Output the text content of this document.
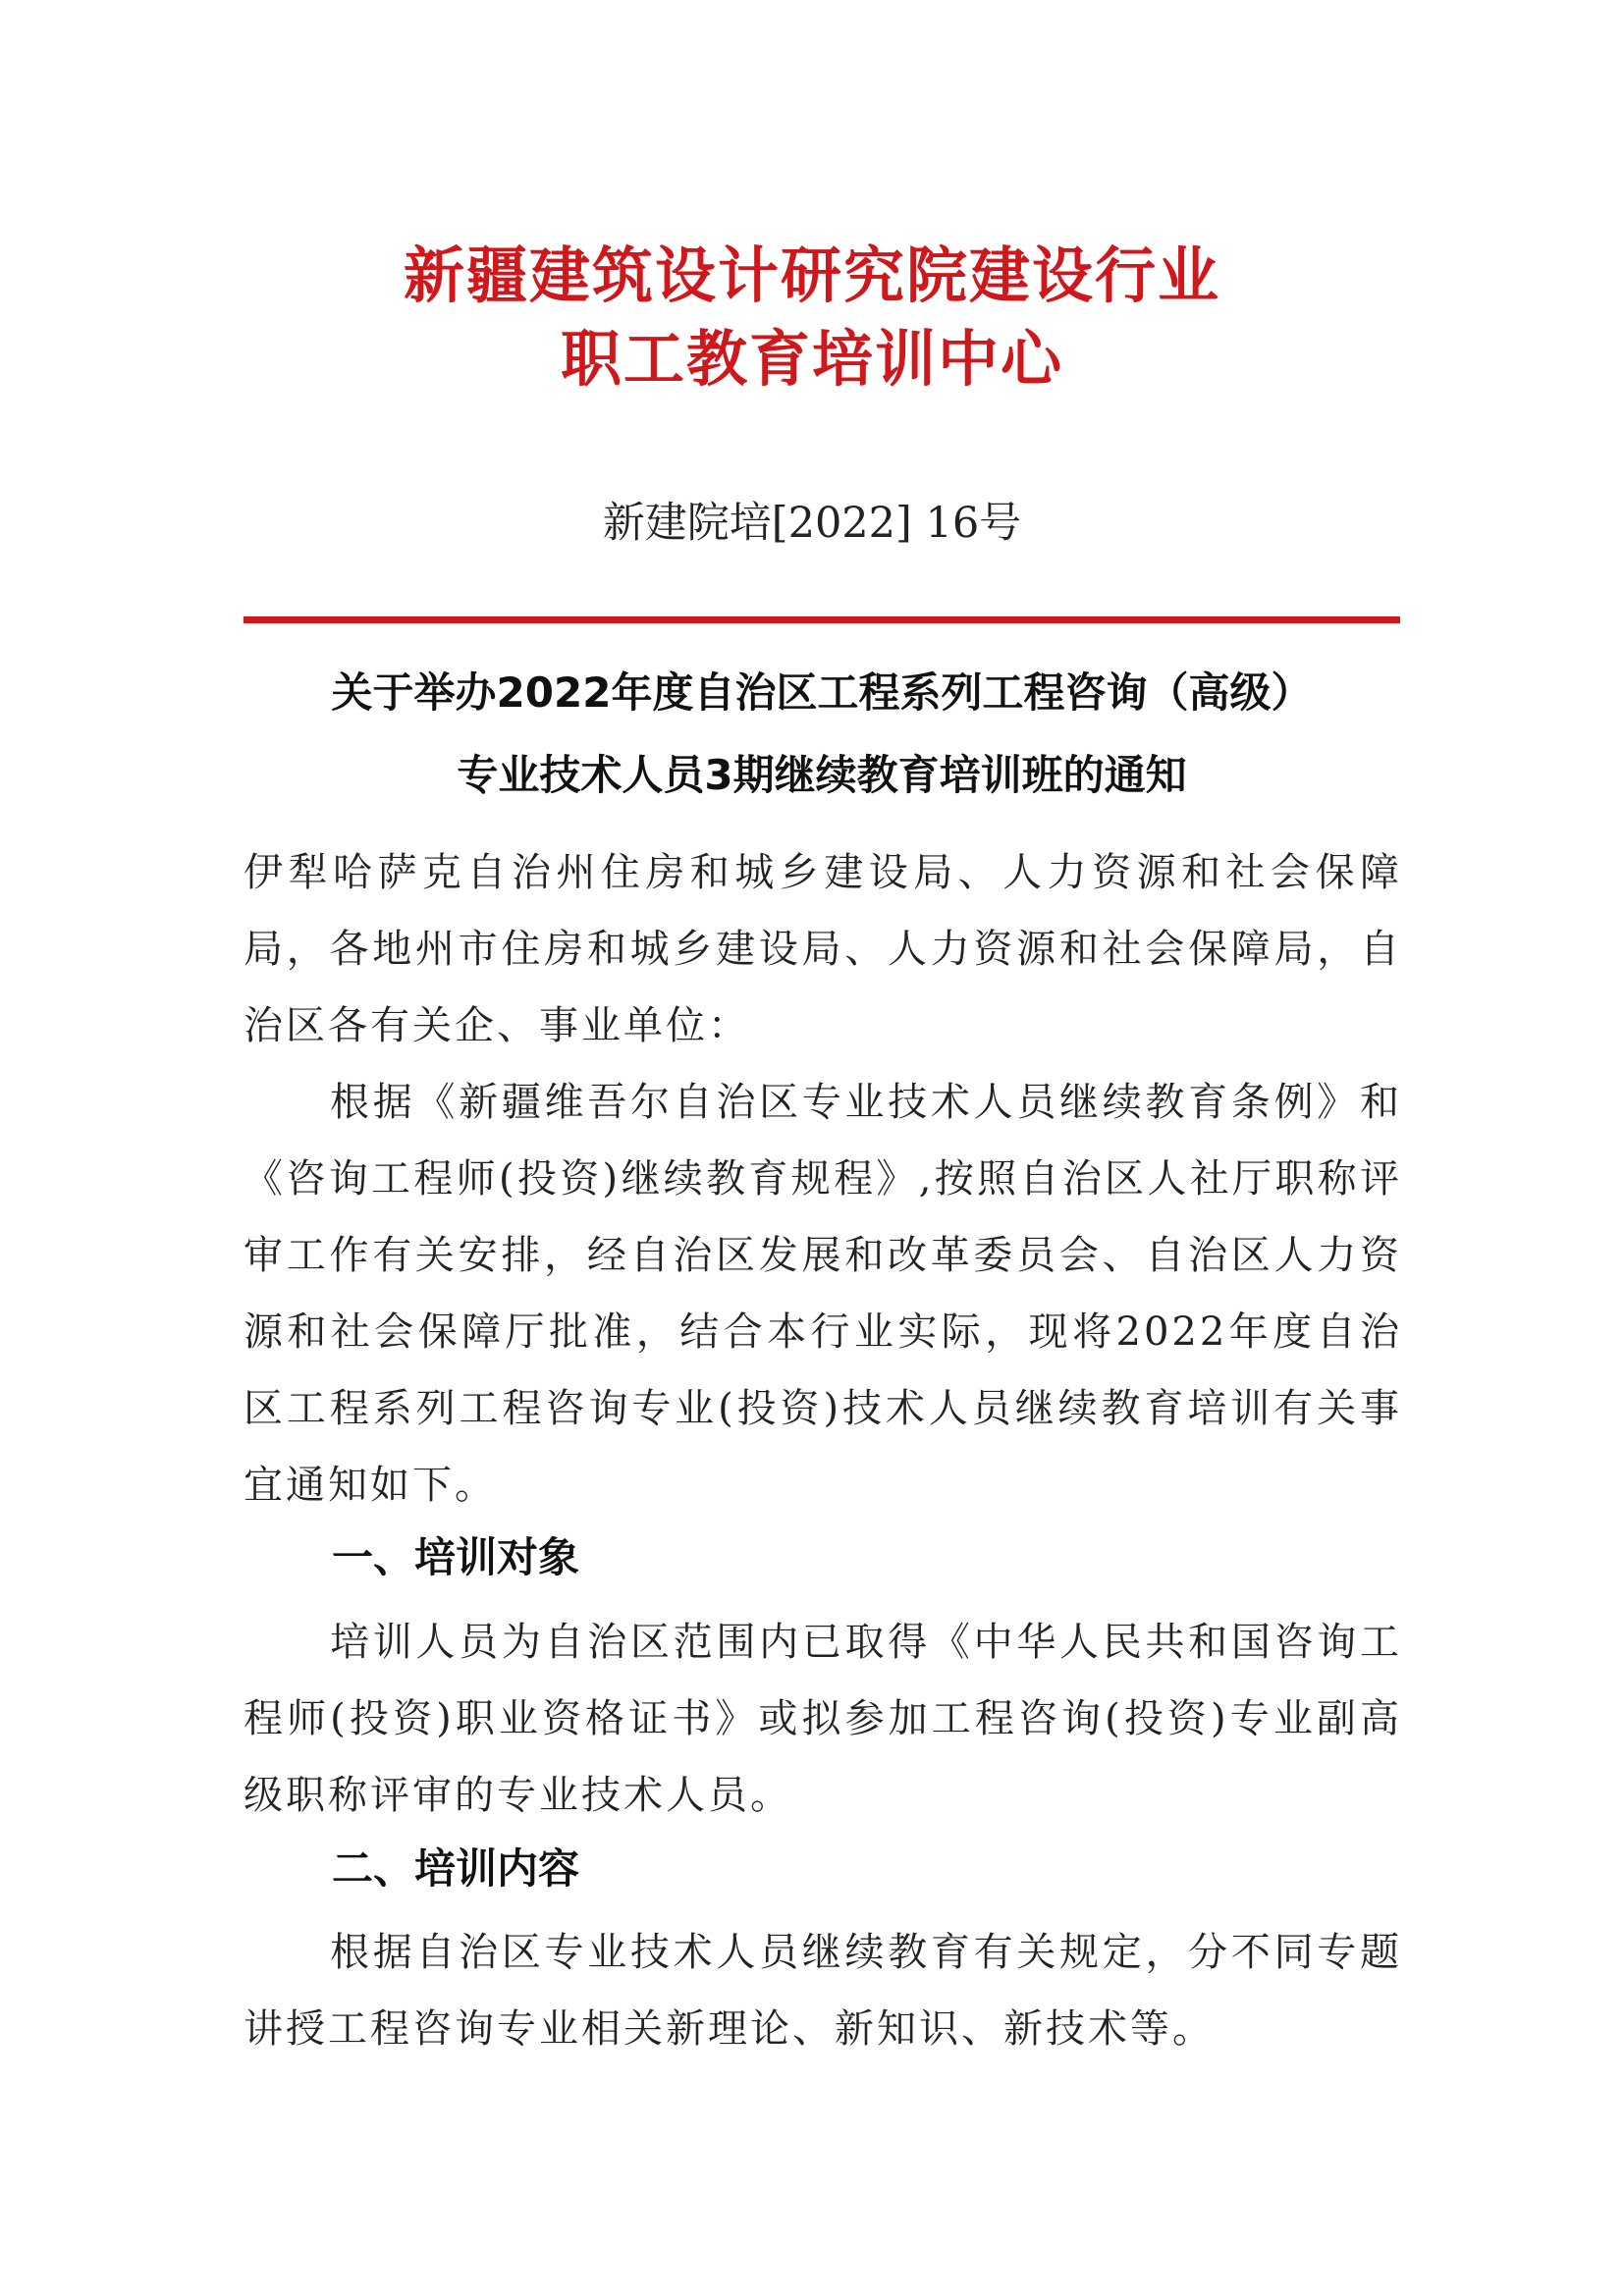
新疆建筑设计研究院建设行业
职工教育培训中心
新建院培[2022] 16号
关于举办2022年度自治区工程系列工程咨询（高级）
专业技术人员3期继续教育培训班的通知
伊犁哈萨克自治州住房和城乡建设局、人力资源和社会保障局，各地州市住房和城乡建设局、人力资源和社会保障局，自治区各有关企、事业单位：
根据《新疆维吾尔自治区专业技术人员继续教育条例》和《咨询工程师(投资)继续教育规程》,按照自治区人社厅职称评审工作有关安排，经自治区发展和改革委员会、自治区人力资源和社会保障厅批准，结合本行业实际，现将2022年度自治区工程系列工程咨询专业(投资)技术人员继续教育培训有关事宜通知如下。
一、培训对象
培训人员为自治区范围内已取得《中华人民共和国咨询工程师(投资)职业资格证书》或拟参加工程咨询(投资)专业副高级职称评审的专业技术人员。
二、培训内容
根据自治区专业技术人员继续教育有关规定，分不同专题讲授工程咨询专业相关新理论、新知识、新技术等。
